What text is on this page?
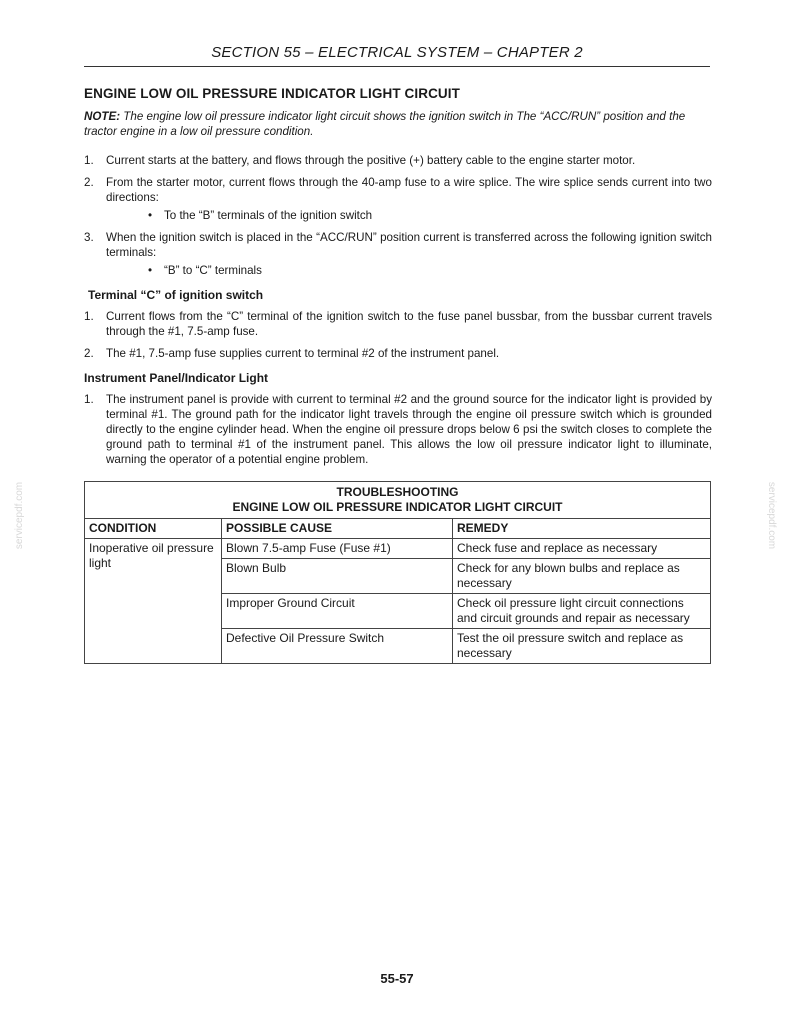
SECTION 55 – ELECTRICAL SYSTEM – CHAPTER 2
ENGINE LOW OIL PRESSURE INDICATOR LIGHT CIRCUIT

NOTE: The engine low oil pressure indicator light circuit shows the ignition switch in The “ACC/RUN” position and the tractor engine in a low oil pressure condition.

1. Current starts at the battery, and flows through the positive (+) battery cable to the engine starter motor.
2. From the starter motor, current flows through the 40-amp fuse to a wire splice. The wire splice sends current into two directions:
• To the “B” terminals of the ignition switch
3. When the ignition switch is placed in the “ACC/RUN” position current is transferred across the following ignition switch terminals:
• “B” to “C” terminals
Terminal “C” of ignition switch
1. Current flows from the “C” terminal of the ignition switch to the fuse panel bussbar, from the bussbar current travels through the #1, 7.5-amp fuse.
2. The #1, 7.5-amp fuse supplies current to terminal #2 of the instrument panel.
Instrument Panel/Indicator Light
1. The instrument panel is provide with current to terminal #2 and the ground source for the indicator light is provided by terminal #1. The ground path for the indicator light travels through the engine oil pressure switch which is grounded directly to the engine cylinder head. When the engine oil pressure drops below 6 psi the switch closes to complete the ground path to terminal #1 of the instrument panel. This allows the low oil pressure indicator light to illuminate, warning the operator of a potential engine problem.
TROUBLESHOOTING
ENGINE LOW OIL PRESSURE INDICATOR LIGHT CIRCUIT		

CONDITION	POSSIBLE CAUSE	REMEDY
Inoperative oil pressure light	Blown 7.5-amp Fuse (Fuse #1)	Check fuse and replace as necessary
	Blown Bulb	Check for any blown bulbs and replace as necessary
	Improper Ground Circuit	Check oil pressure light circuit connections and circuit grounds and repair as necessary
	Defective Oil Pressure Switch	Test the oil pressure switch and replace as necessary
servicepdf.com	servicepdf.com
55-57
